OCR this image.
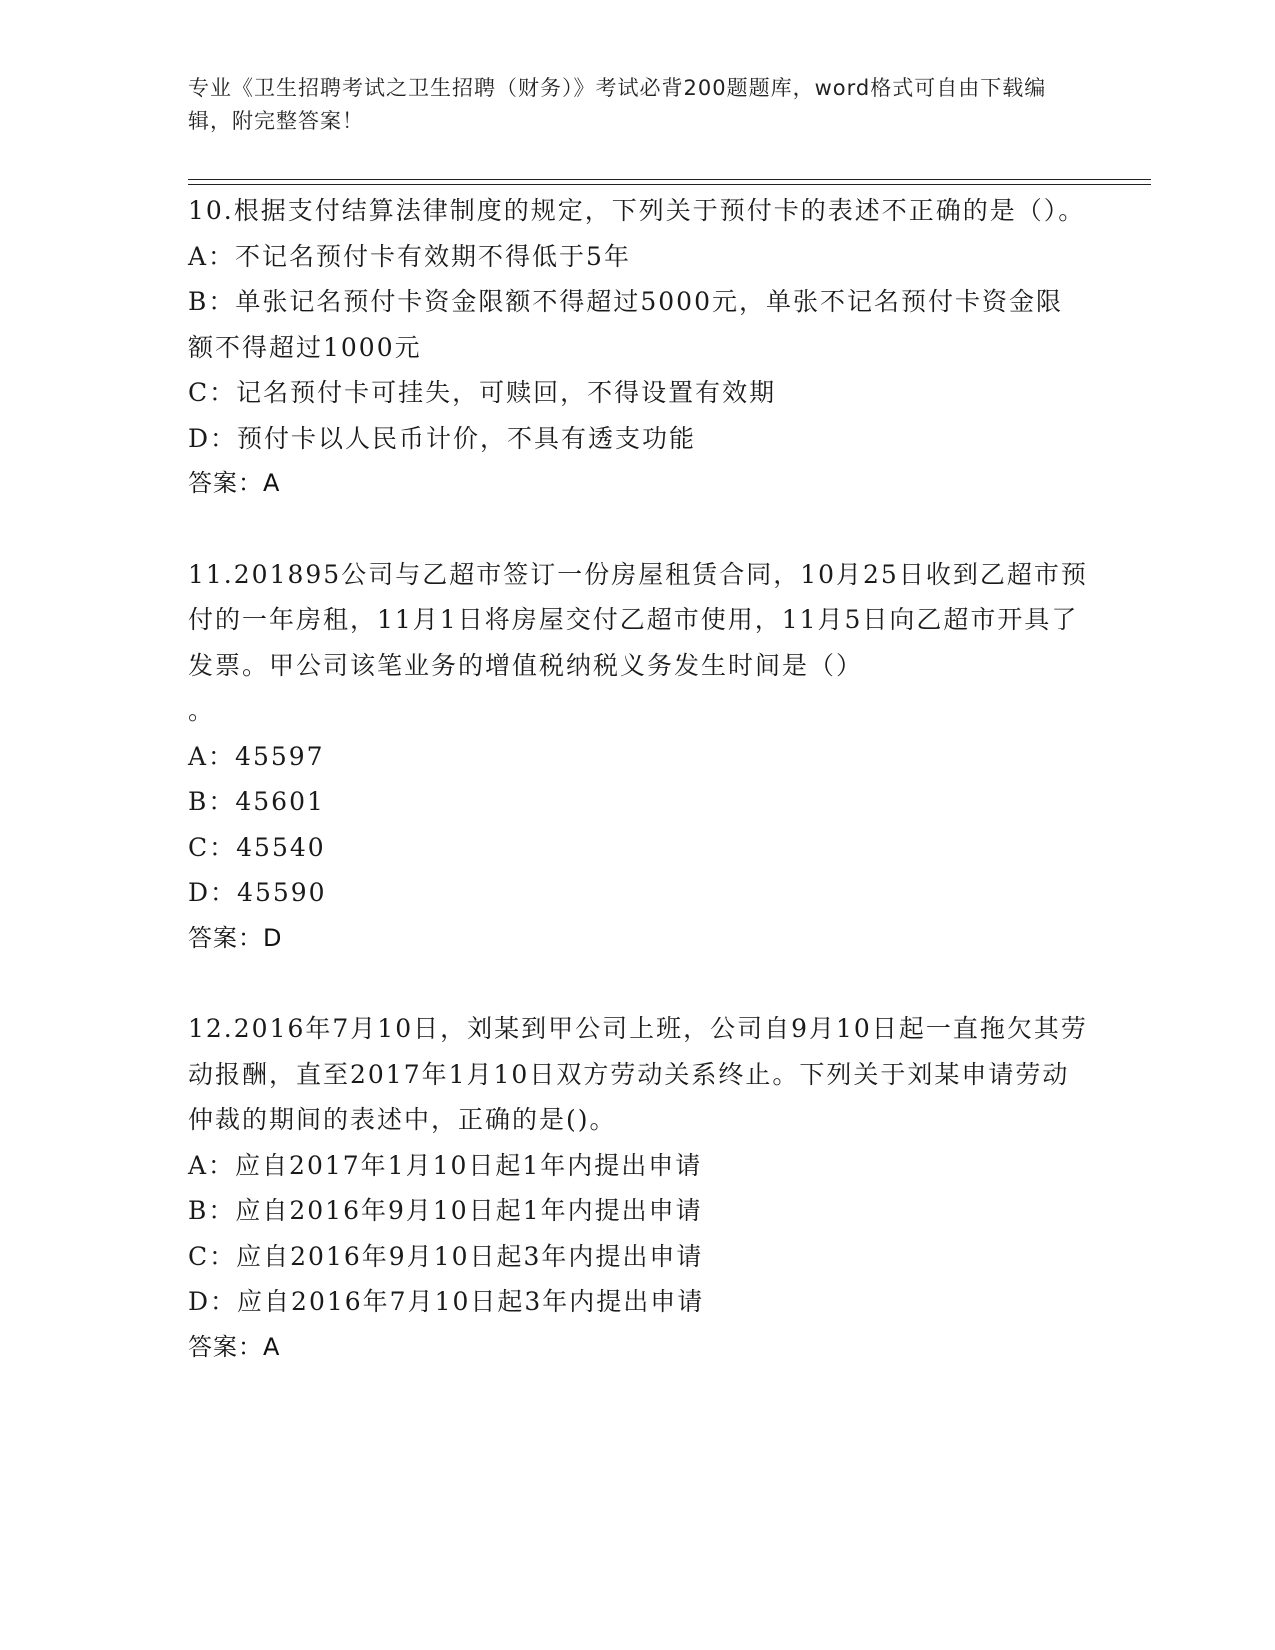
专业《卫生招聘考试之卫生招聘（财务）》考试必背200题题库，word格式可自由下载编辑，附完整答案！

10.根据支付结算法律制度的规定，下列关于预付卡的表述不正确的是（）。

A：不记名预付卡有效期不得低于5年

B：单张记名预付卡资金限额不得超过5000元，单张不记名预付卡资金限额不得超过1000元

C：记名预付卡可挂失，可赎回，不得设置有效期

D：预付卡以人民币计价，不具有透支功能

答案：A

11.201895公司与乙超市签订一份房屋租赁合同，10月25日收到乙超市预付的一年房租，11月1日将房屋交付乙超市使用，11月5日向乙超市开具了发票。甲公司该笔业务的增值税纳税义务发生时间是（）
。

A：45597

B：45601

C：45540

D：45590

答案：D

12.2016年7月10日，刘某到甲公司上班，公司自9月10日起一直拖欠其劳动报酬，直至2017年1月10日双方劳动关系终止。下列关于刘某申请劳动仲裁的期间的表述中，正确的是()。

A：应自2017年1月10日起1年内提出申请

B：应自2016年9月10日起1年内提出申请

C：应自2016年9月10日起3年内提出申请

D：应自2016年7月10日起3年内提出申请

答案：A
